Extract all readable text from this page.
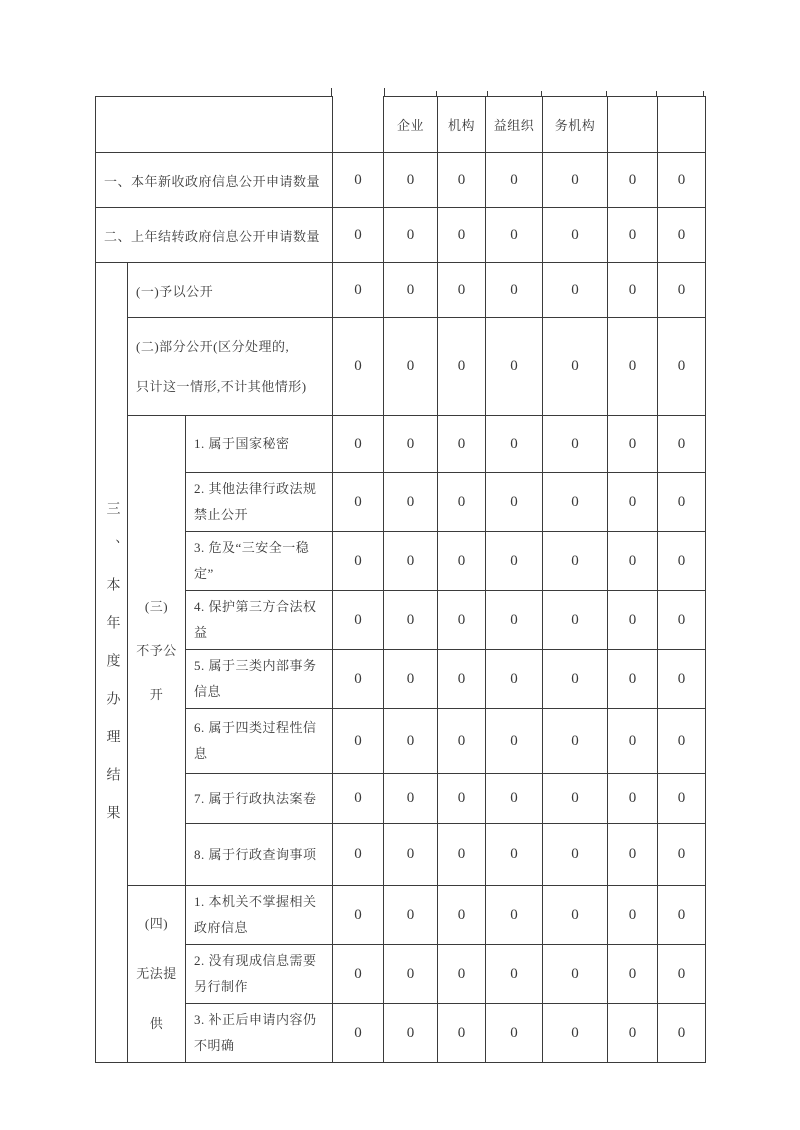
				企业	机构	益组织	务机构		
一、本年新收政府信息公开申请数量			0	0	0	0	0	0	0
二、上年结转政府信息公开申请数量			0	0	0	0	0	0	0
三、本年度办理结果	(一)予以公开		0	0	0	0	0	0	0

	(二)部分公开(区分处理的,
只计这一情形,不计其他情形)		0	0	0	0	0	0	0

	(三)
不予公
开	1. 属于国家秘密	0	0	0	0	0	0	0
		2. 其他法律行政法规禁止公开	0	0	0	0	0	0	0
		3. 危及“三安全一稳定”	0	0	0	0	0	0	0
		4. 保护第三方合法权益	0	0	0	0	0	0	0
		5. 属于三类内部事务信息	0	0	0	0	0	0	0
		6. 属于四类过程性信息	0	0	0	0	0	0	0
		7. 属于行政执法案卷	0	0	0	0	0	0	0
		8. 属于行政查询事项	0	0	0	0	0	0	0

	(四)
无法提
供	1. 本机关不掌握相关政府信息	0	0	0	0	0	0	0
		2. 没有现成信息需要另行制作	0	0	0	0	0	0	0
		3. 补正后申请内容仍不明确	0	0	0	0	0	0	0
